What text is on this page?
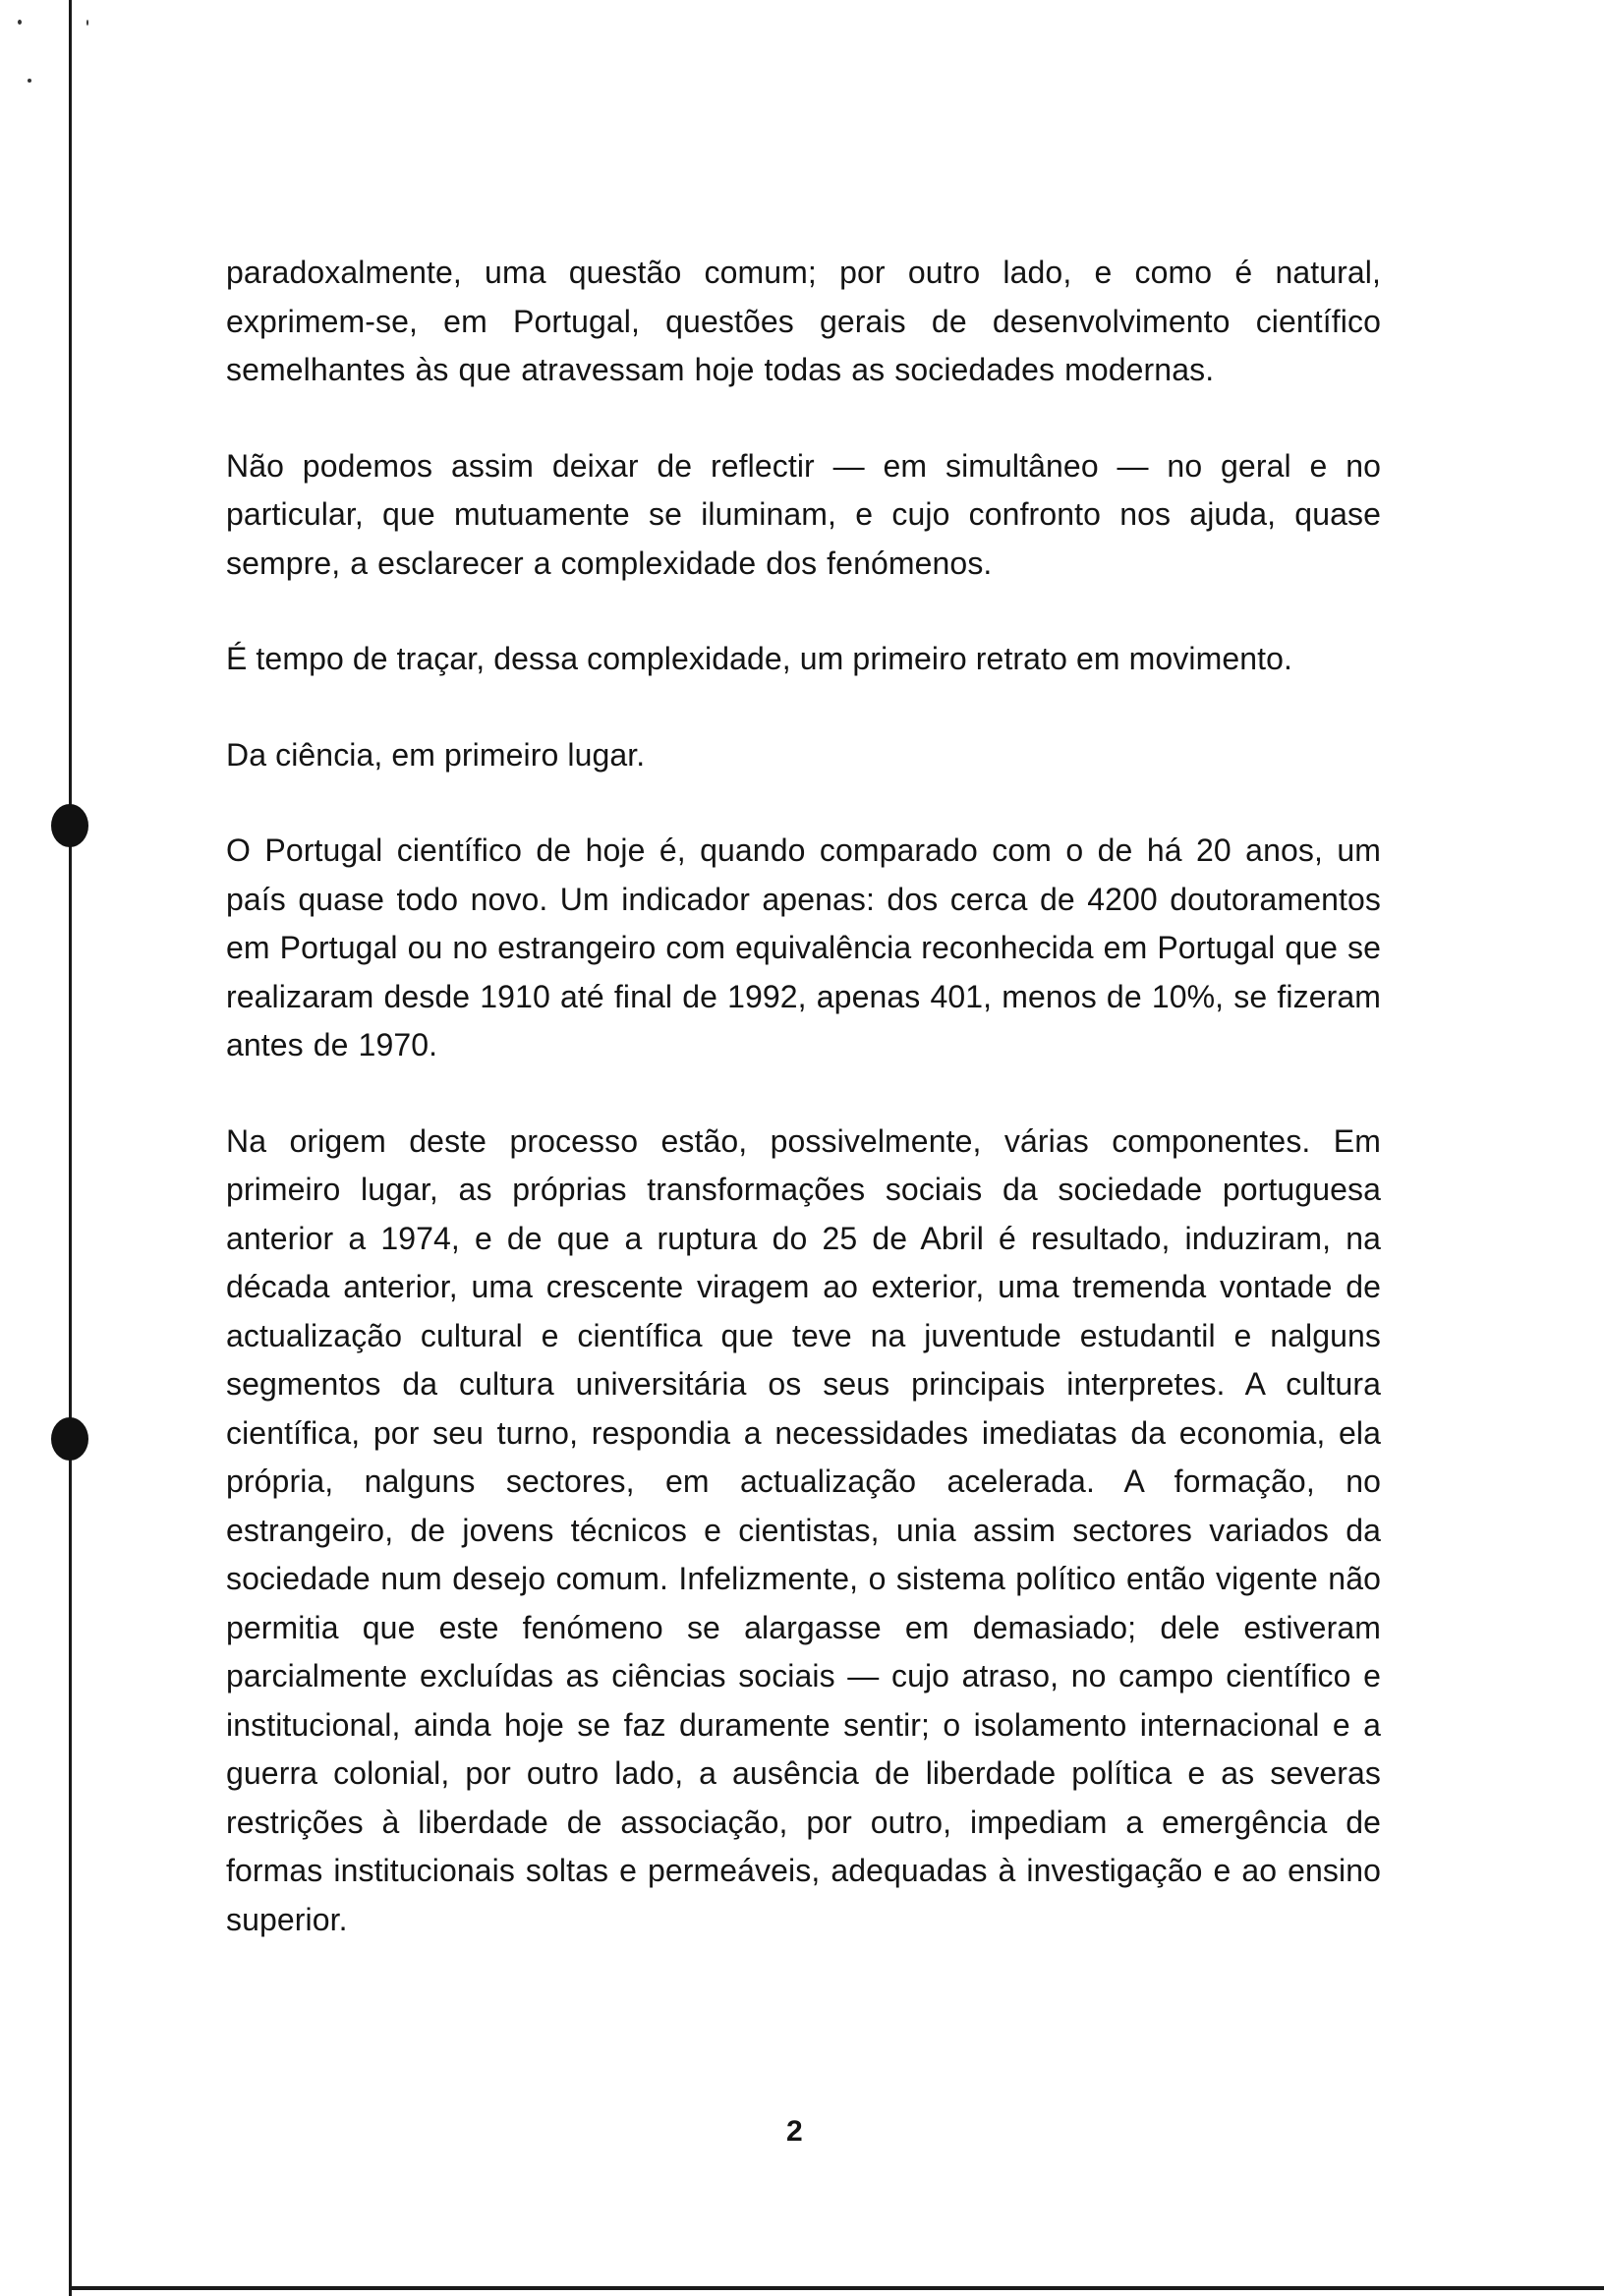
paradoxalmente, uma questão comum; por outro lado, e como é natural, exprimem-se, em Portugal, questões gerais de desenvolvimento científico semelhantes às que atravessam hoje todas as sociedades modernas.

Não podemos assim deixar de reflectir — em simultâneo — no geral e no particular, que mutuamente se iluminam, e cujo confronto nos ajuda, quase sempre, a esclarecer a complexidade dos fenómenos.

É tempo de traçar, dessa complexidade, um primeiro retrato em movimento.

Da ciência, em primeiro lugar.

O Portugal científico de hoje é, quando comparado com o de há 20 anos, um país quase todo novo. Um indicador apenas: dos cerca de 4200 doutoramentos em Portugal ou no estrangeiro com equivalência reconhecida em Portugal que se realizaram desde 1910 até final de 1992, apenas 401, menos de 10%, se fizeram antes de 1970.

Na origem deste processo estão, possivelmente, várias componentes. Em primeiro lugar, as próprias transformações sociais da sociedade portuguesa anterior a 1974, e de que a ruptura do 25 de Abril é resultado, induziram, na década anterior, uma crescente viragem ao exterior, uma tremenda vontade de actualização cultural e científica que teve na juventude estudantil e nalguns segmentos da cultura universitária os seus principais interpretes. A cultura científica, por seu turno, respondia a necessidades imediatas da economia, ela própria, nalguns sectores, em actualização acelerada. A formação, no estrangeiro, de jovens técnicos e cientistas, unia assim sectores variados da sociedade num desejo comum. Infelizmente, o sistema político então vigente não permitia que este fenómeno se alargasse em demasiado; dele estiveram parcialmente excluídas as ciências sociais — cujo atraso, no campo científico e institucional, ainda hoje se faz duramente sentir; o isolamento internacional e a guerra colonial, por outro lado, a ausência de liberdade política e as severas restrições à liberdade de associação, por outro, impediam a emergência de formas institucionais soltas e permeáveis, adequadas à investigação e ao ensino superior.

2
